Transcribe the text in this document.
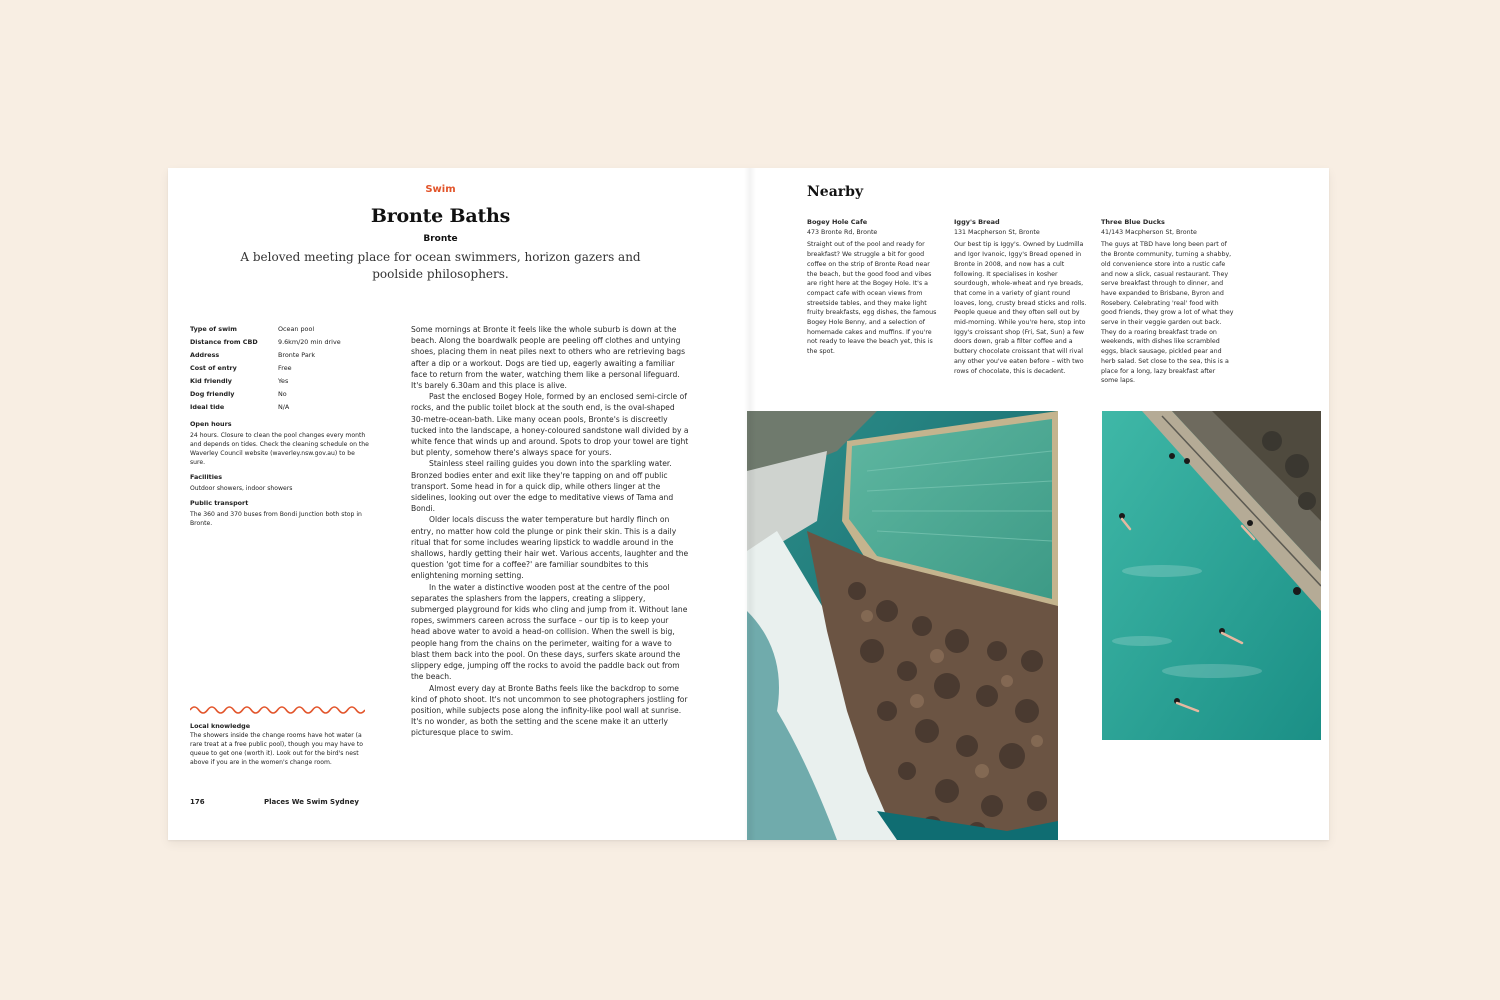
Swim
Bronte Baths
Bronte
A beloved meeting place for ocean swimmers, horizon gazers and poolside philosophers.
Type of swim	Ocean pool
Distance from CBD	9.6km/20 min drive
Address	Bronte Park
Cost of entry	Free
Kid friendly	Yes
Dog friendly	No
Ideal tide	N/A
Open hours
24 hours. Closure to clean the pool changes every month and depends on tides. Check the cleaning schedule on the Waverley Council website (waverley.nsw.gov.au) to be sure.
Facilities
Outdoor showers, indoor showers
Public transport
The 360 and 370 buses from Bondi Junction both stop in Bronte.
Local knowledge
The showers inside the change rooms have hot water (a rare treat at a free public pool), though you may have to queue to get one (worth it). Look out for the bird's nest above if you are in the women's change room.
176	Places We Swim Sydney

Some mornings at Bronte it feels like the whole suburb is down at the beach. Along the boardwalk people are peeling off clothes and untying shoes, placing them in neat piles next to others who are retrieving bags after a dip or a workout. Dogs are tied up, eagerly awaiting a familiar face to return from the water, watching them like a personal lifeguard. It's barely 6.30am and this place is alive.

Past the enclosed Bogey Hole, formed by an enclosed semi-circle of rocks, and the public toilet block at the south end, is the oval-shaped 30-metre-ocean-bath. Like many ocean pools, Bronte's is discreetly tucked into the landscape, a honey-coloured sandstone wall divided by a white fence that winds up and around. Spots to drop your towel are tight but plenty, somehow there's always space for yours.

Stainless steel railing guides you down into the sparkling water. Bronzed bodies enter and exit like they're tapping on and off public transport. Some head in for a quick dip, while others linger at the sidelines, looking out over the edge to meditative views of Tama and Bondi.

Older locals discuss the water temperature but hardly flinch on entry, no matter how cold the plunge or pink their skin. This is a daily ritual that for some includes wearing lipstick to waddle around in the shallows, hardly getting their hair wet. Various accents, laughter and the question 'got time for a coffee?' are familiar soundbites to this enlightening morning setting.

In the water a distinctive wooden post at the centre of the pool separates the splashers from the lappers, creating a slippery, submerged playground for kids who cling and jump from it. Without lane ropes, swimmers careen across the surface – our tip is to keep your head above water to avoid a head-on collision. When the swell is big, people hang from the chains on the perimeter, waiting for a wave to blast them back into the pool. On these days, surfers skate around the slippery edge, jumping off the rocks to avoid the paddle back out from the beach.

Almost every day at Bronte Baths feels like the backdrop to some kind of photo shoot. It's not uncommon to see photographers jostling for position, while subjects pose along the infinity-like pool wall at sunrise. It's no wonder, as both the setting and the scene make it an utterly picturesque place to swim.

Nearby
Bogey Hole Cafe
473 Bronte Rd, Bronte
Straight out of the pool and ready for breakfast? We struggle a bit for good coffee on the strip of Bronte Road near the beach, but the good food and vibes are right here at the Bogey Hole. It's a compact cafe with ocean views from streetside tables, and they make light fruity breakfasts, egg dishes, the famous Bogey Hole Benny, and a selection of homemade cakes and muffins. If you're not ready to leave the beach yet, this is the spot.
Iggy's Bread
131 Macpherson St, Bronte
Our best tip is Iggy's. Owned by Ludmilla and Igor Ivanoic, Iggy's Bread opened in Bronte in 2008, and now has a cult following. It specialises in kosher sourdough, whole-wheat and rye breads, that come in a variety of giant round loaves, long, crusty bread sticks and rolls. People queue and they often sell out by mid-morning. While you're here, stop into Iggy's croissant shop (Fri, Sat, Sun) a few doors down, grab a filter coffee and a buttery chocolate croissant that will rival any other you've eaten before – with two rows of chocolate, this is decadent.
Three Blue Ducks
41/143 Macpherson St, Bronte
The guys at TBD have long been part of the Bronte community, turning a shabby, old convenience store into a rustic cafe and now a slick, casual restaurant. They serve breakfast through to dinner, and have expanded to Brisbane, Byron and Rosebery. Celebrating 'real' food with good friends, they grow a lot of what they serve in their veggie garden out back. They do a roaring breakfast trade on weekends, with dishes like scrambled eggs, black sausage, pickled pear and herb salad. Set close to the sea, this is a place for a long, lazy breakfast after some laps.
